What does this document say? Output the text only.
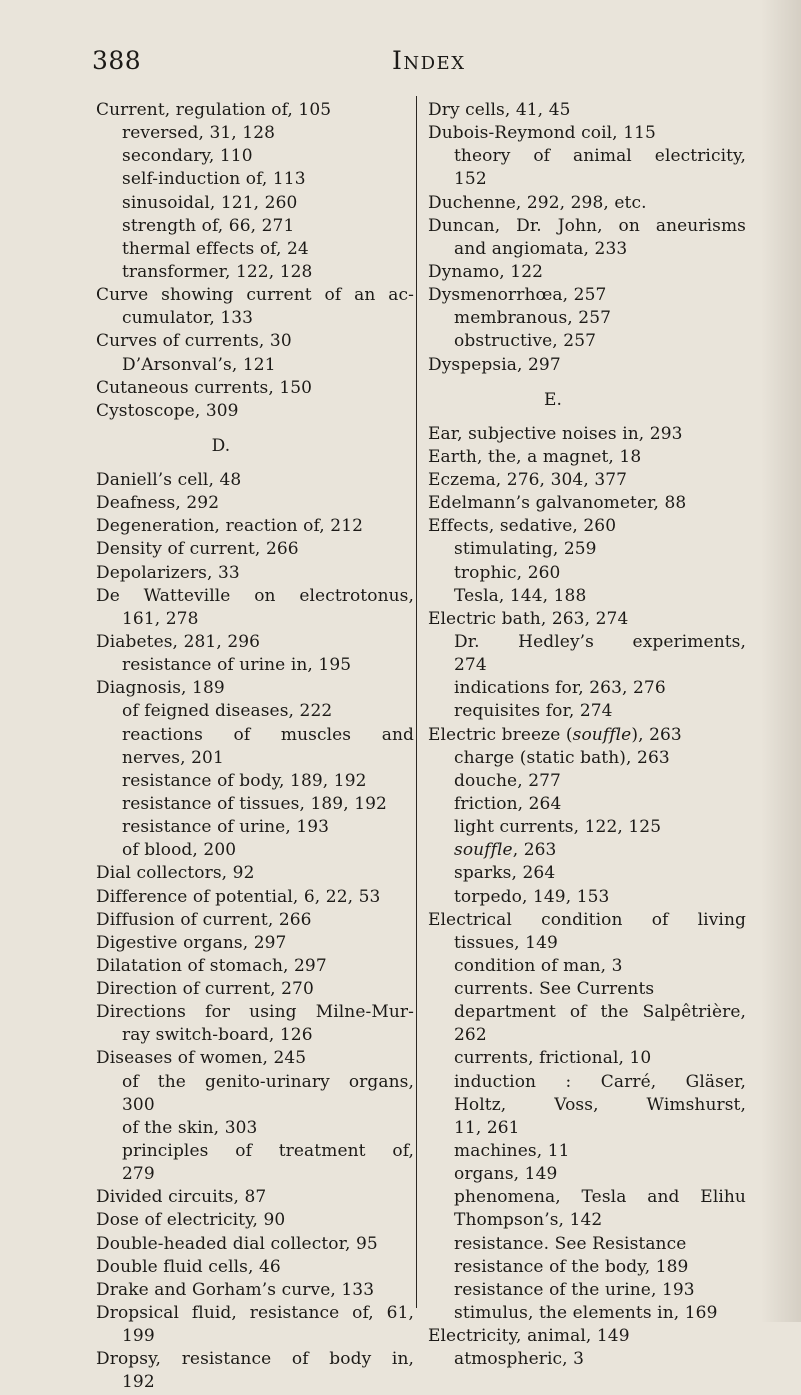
388	Index
Current, regulation of, 105
reversed, 31, 128
secondary, 110
self-induction of, 113
sinusoidal, 121, 260
strength of, 66, 271
thermal effects of, 24
transformer, 122, 128
Curve showing current of an ac-
cumulator, 133
Curves of currents, 30
D’Arsonval’s, 121
Cutaneous currents, 150
Cystoscope, 309
D.
Daniell’s cell, 48
Deafness, 292
Degeneration, reaction of, 212
Density of current, 266
Depolarizers, 33
De Watteville on electrotonus,
161, 278
Diabetes, 281, 296
resistance of urine in, 195
Diagnosis, 189
of feigned diseases, 222
reactions of muscles and
nerves, 201
resistance of body, 189, 192
resistance of tissues, 189, 192
resistance of urine, 193
of blood, 200
Dial collectors, 92
Difference of potential, 6, 22, 53
Diffusion of current, 266
Digestive organs, 297
Dilatation of stomach, 297
Direction of current, 270
Directions for using Milne-Mur-
ray switch-board, 126
Diseases of women, 245
of the genito-urinary organs,
300
of the skin, 303
principles of treatment of,
279
Divided circuits, 87
Dose of electricity, 90
Double-headed dial collector, 95
Double fluid cells, 46
Drake and Gorham’s curve, 133
Dropsical fluid, resistance of, 61,
199
Dropsy, resistance of body in,
192
Dry cells, 41, 45
Dubois-Reymond coil, 115
theory of animal electricity,
152
Duchenne, 292, 298, etc.
Duncan, Dr. John, on aneurisms
and angiomata, 233
Dynamo, 122
Dysmenorrhœa, 257
membranous, 257
obstructive, 257
Dyspepsia, 297
E.
Ear, subjective noises in, 293
Earth, the, a magnet, 18
Eczema, 276, 304, 377
Edelmann’s galvanometer, 88
Effects, sedative, 260
stimulating, 259
trophic, 260
Tesla, 144, 188
Electric bath, 263, 274
Dr. Hedley’s experiments,
274
indications for, 263, 276
requisites for, 274
Electric breeze (souffle), 263
charge (static bath), 263
douche, 277
friction, 264
light currents, 122, 125
souffle, 263
sparks, 264
torpedo, 149, 153
Electrical condition of living
tissues, 149
condition of man, 3
currents. See Currents
department of the Salpêtrière,
262
currents, frictional, 10
induction : Carré, Gläser,
Holtz, Voss, Wimshurst,
11, 261
machines, 11
organs, 149
phenomena, Tesla and Elihu
Thompson’s, 142
resistance. See Resistance
resistance of the body, 189
resistance of the urine, 193
stimulus, the elements in, 169
Electricity, animal, 149
atmospheric, 3
